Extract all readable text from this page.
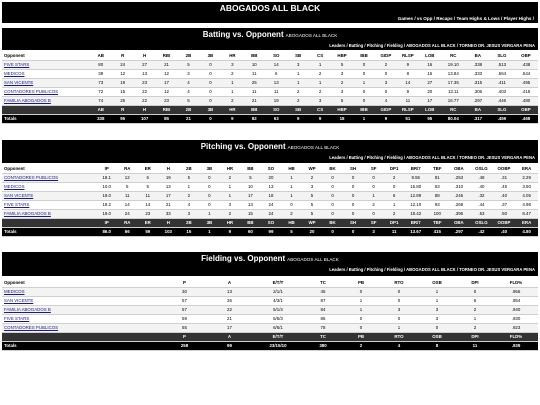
ABOGADOS ALL BLACK
Games / vs Opp / Recaps / Team Highs & Lows / Player Highs /
Batting vs. Opponent ABOGADOS ALL BLACK
Leaders / Batting / Pitching / Fielding / ABOGADOS ALL BLACK / TORNEO DR. JESUS VERGARA PENA
Opponent	AB	R	H	RBI	2B	3B	HR	BB	SO	SB	CS	HBP	IBB	GIDP	RLSP	LOB	RC	BA	SLG	OBP
FIVE STARS	80	24	27	21	5	0	3	10	14	3	1	5	0	2	9	16	19.10	.338	.513	.438
MEDICOS	39	12	13	12	3	0	2	11	6	1	2	3	0	0	8	15	13.84	.333	.564	.544
SAN VICENTE	73	19	23	17	4	0	1	25	13	1	1	2	1	3	14	27	17.35	.315	.411	.495
CONTADORES PUBLICOS	72	15	22	12	4	0	1	11	11	2	2	3	0	0	9	20	13.11	.306	.403	.419
FAMILIA ABOGADOS B	74	25	22	23	5	0	2	21	19	2	3	5	0	4	11	17	16.77	.297	.446	.480
	AB	R	H	RBI	2B	3B	HR	BB	SO	SB	CS	HBP	IBB	GIDP	RLSP	LOB	RC	BA	SLG	OBP
Totals	338	95	107	85	21	0	9	82	63	9	9	18	1	9	51	95	80.04	.317	.459	.468
Pitching vs. Opponent ABOGADOS ALL BLACK
Leaders / Batting / Pitching / Fielding / ABOGADOS ALL BLACK / TORNEO DR. JESUS VERGARA PENA
Opponent	IP	RA	ER	H	2B	3B	HR	BB	SO	HB	WP	BK	SH	SF	DP1	BR/7	TBF	OBA	OSLG	OOBP	ERA
CONTADORES PUBLICOS	18.1	12	6	19	5	0	2	5	20	1	2	0	0	0	2	9.55	81	.253	.48	.31	2.29
MEDICOS	10.0	5	5	13	1	0	1	10	13	1	3	0	0	0	0	16.80	53	.310	.40	.45	3.50
SAN VICENTE	19.0	11	11	17	2	0	1	17	18	1	5	0	0	1	6	12.89	88	.246	.32	.40	4.05
FIVE STARS	19.2	14	14	21	4	0	3	13	24	0	5	0	0	2	1	12.10	93	.269	.44	.37	4.98
FAMILIA ABOGADOS B	19.0	24	23	33	3	1	2	15	24	2	5	0	0	0	2	18.42	100	.396	.53	.50	8.47
	IP	RA	ER	H	2B	3B	HR	BB	SO	HB	WP	BK	SH	SF	DP1	BR/7	TBF	OBA	OSLG	OOBP	ERA
Totals	86.0	66	59	103	15	1	9	60	99	5	20	0	0	3	11	13.67	415	.297	.42	.40	4.80
Fielding vs. Opponent ABOGADOS ALL BLACK
Leaders / Batting / Pitching / Fielding / ABOGADOS ALL BLACK / TORNEO DR. JESUS VERGARA PENA
Opponent	P	A	E/T/T	TC	PB	RTO	OSB	DPI	FLD%
MEDICOS	30	13	2/1/1	45	0	0	1	0	.956
SAN VICENTE	57	26	4/3/1	87	1	0	1	6	.954
FAMILIA ABOGADOS B	57	22	5/1/4	84	1	3	3	2	.940
FIVE STARS	59	21	6/5/3	86	0	0	3	1	.930
CONTADORES PUBLICOS	55	17	6/5/1	78	0	1	0	2	.923
	P	A	E/T/T	TC	PB	RTO	OSB	DPI	FLD%
Totals	258	99	23/15/10	380	2	4	8	11	.939
